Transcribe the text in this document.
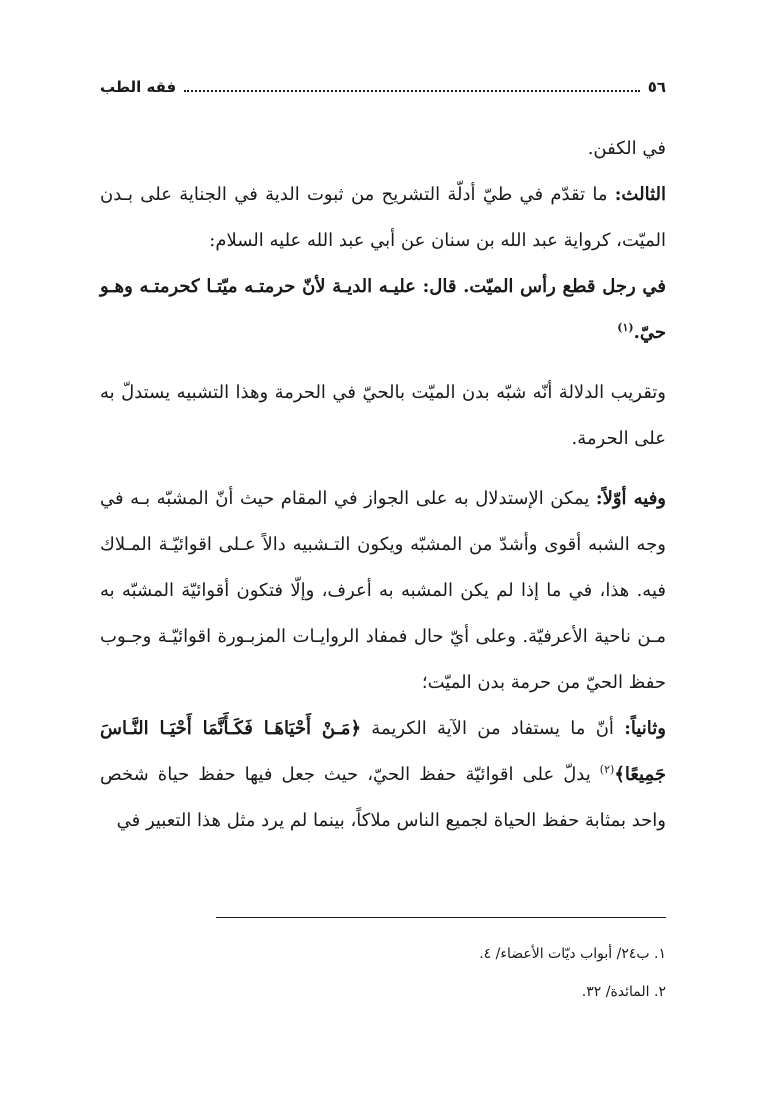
٥٦
فقه الطب

في الكفن.

الثالث: ما تقدّم في طيّ أدلّة التشريح من ثبوت الدية في الجناية على بـدن الميّت، كرواية عبد الله بن سنان عن أبي عبد الله عليه السلام:

في رجل قطع رأس الميّت. قال: عليـه الديـة لأنّ حرمتـه ميّتـا كحرمتـه وهـو حيّ.$^{(١)}$

وتقريب الدلالة أنّه شبّه بدن الميّت بالحيّ في الحرمة وهذا التشبيه يستدلّ به على الحرمة.

وفيه أوّلاً: يمكن الإستدلال به على الجواز في المقام حيث أنّ المشبّه بـه في وجه الشبه أقوى وأشدّ من المشبّه ويكون التـشبيه دالاً عـلى اقوائيّـة المـلاك فيه. هذا، في ما إذا لم يكن المشبه به أعرف، وإلّا فتكون أقوائيّة المشبّه به مـن ناحية الأعرفيّة. وعلى أيّ حال فمفاد الروايـات المزبـورة اقوائيّـة وجـوب حفظ الحيّ من حرمة بدن الميّت؛

وثانياً: أنّ ما يستفاد من الآية الكريمة ﴿مَـنْ أَحْيَاهَـا فَكَـأَنَّمَا أَحْيَـا النَّـاسَ جَمِيعًا﴾$^{(٢)}$ يدلّ على اقوائيّة حفظ الحيّ، حيث جعل فيها حفظ حياة شخص واحد بمثابة حفظ الحياة لجميع الناس ملاكاً، بينما لم يرد مثل هذا التعبير في

١. ب٢٤/ أبواب ديّات الأعضاء/ ٤.
٢. المائدة/ ٣٢.
